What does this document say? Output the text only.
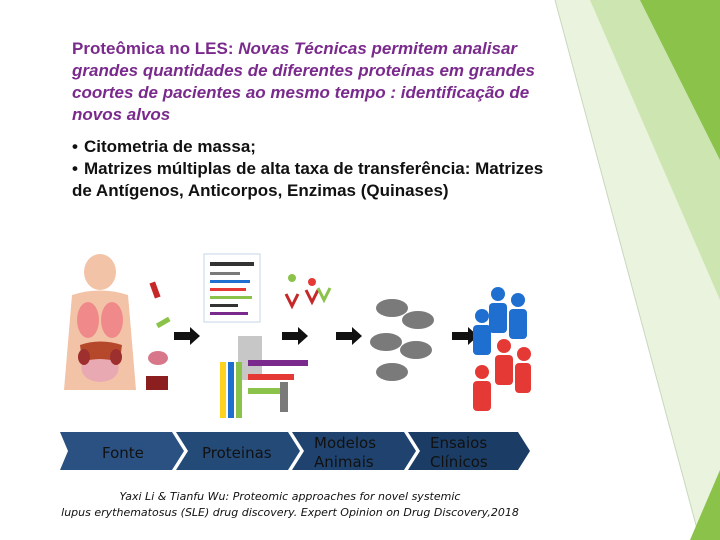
Proteômica no LES: Novas Técnicas permitem analisar grandes quantidades de diferentes proteínas em grandes coortes de pacientes ao mesmo tempo : identificação de novos alvos

• Citometria de massa;
• Matrizes múltiplas de alta taxa de transferência: Matrizes de Antígenos, Anticorpos, Enzimas (Quinases)
Fonte	Proteinas
Modelos
Animais
Ensaios
Clínicos
Yaxi Li & Tianfu Wu: Proteomic approaches for novel systemic
lupus erythematosus (SLE) drug discovery. Expert Opinion on Drug Discovery,2018
